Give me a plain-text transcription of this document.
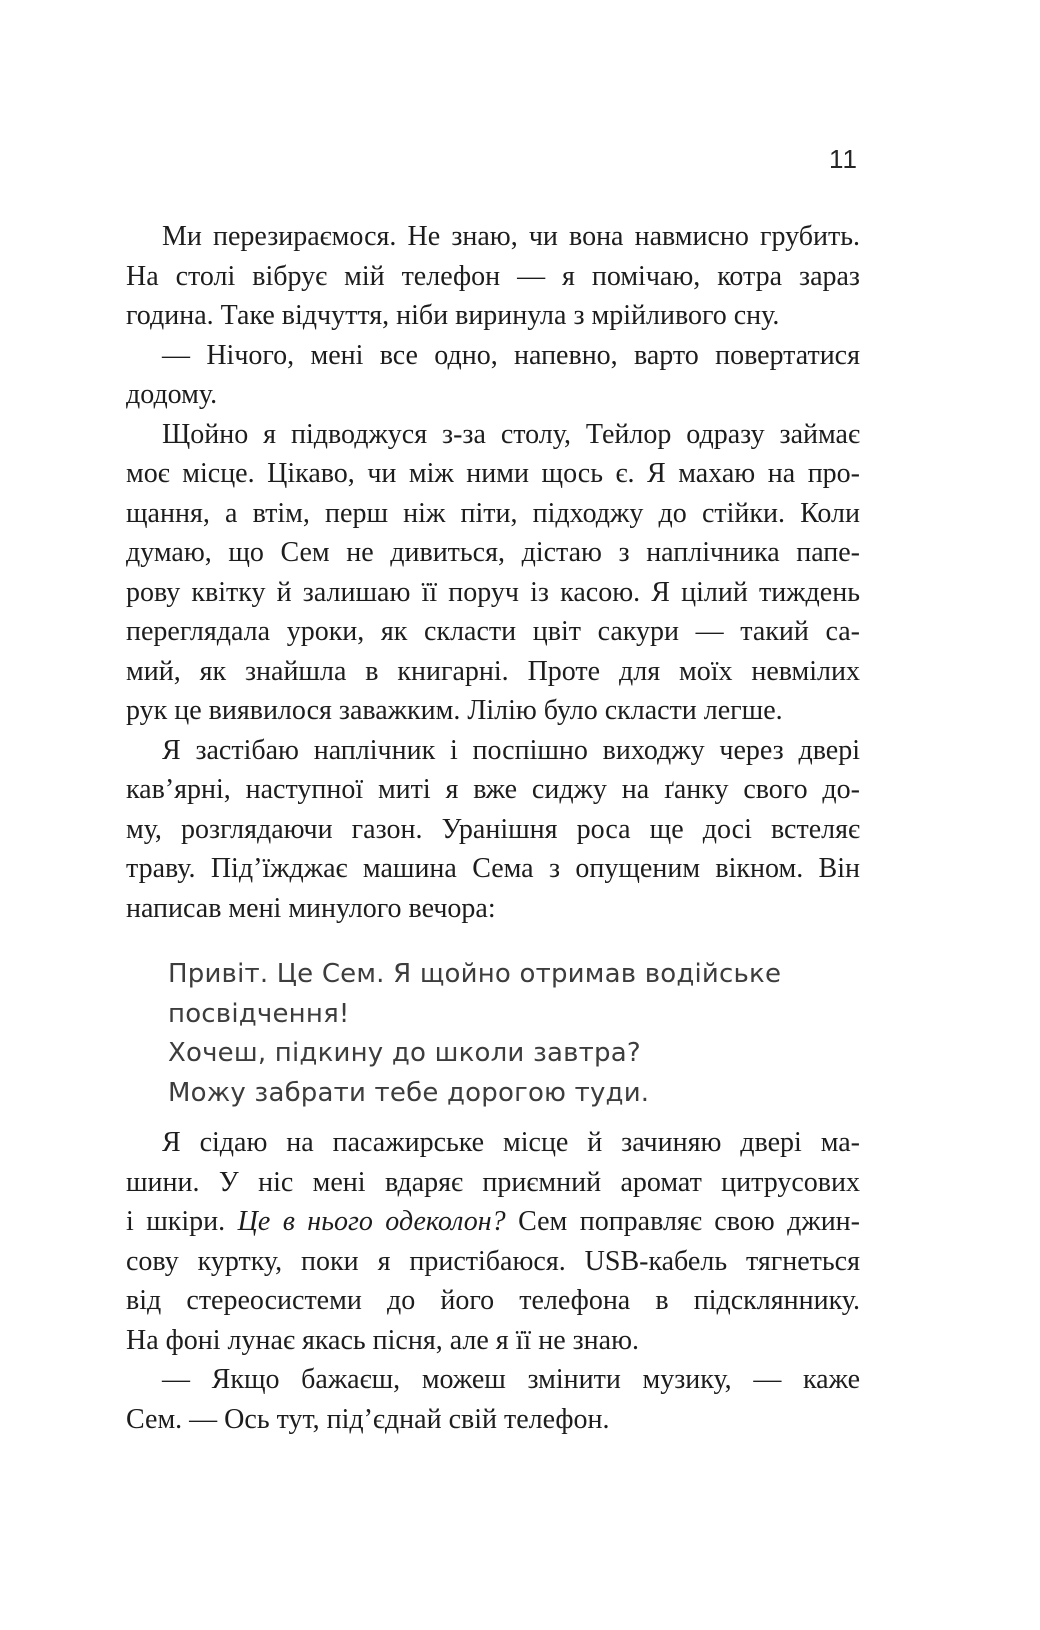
11
Ми перезираємося. Не знаю, чи вона навмисно грубить.
На столі вібрує мій телефон — я помічаю, котра зараз
година. Таке відчуття, ніби виринула з мрійливого сну.
— Нічого, мені все одно, напевно, варто повертатися
додому.
Щойно я підводжуся з-за столу, Тейлор одразу займає
моє місце. Цікаво, чи між ними щось є. Я махаю на про-
щання, а втім, перш ніж піти, підходжу до стійки. Коли
думаю, що Сем не дивиться, дістаю з наплічника папе-
рову квітку й залишаю її поруч із касою. Я цілий тиждень
переглядала уроки, як скласти цвіт сакури — такий са-
мий, як знайшла в книгарні. Проте для моїх невмілих
рук це виявилося заважким. Лілію було скласти легше.
Я застібаю наплічник і поспішно виходжу через двері
кав’ярні, наступної миті я вже сиджу на ґанку свого до-
му, розглядаючи газон. Уранішня роса ще досі встеляє
траву. Під’їжджає машина Сема з опущеним вікном. Він
написав мені минулого вечора:
Привіт. Це Сем. Я щойно отримав водійське
посвідчення!
Хочеш, підкину до школи завтра?
Можу забрати тебе дорогою туди.
Я сідаю на пасажирське місце й зачиняю двері ма-
шини. У ніс мені вдаряє приємний аромат цитрусових
і шкіри. Це в нього одеколон? Сем поправляє свою джин-
сову куртку, поки я пристібаюся. USB-кабель тягнеться
від стереосистеми до його телефона в підскляннику.
На фоні лунає якась пісня, але я її не знаю.
— Якщо бажаєш, можеш змінити музику, — каже
Сем. — Ось тут, під’єднай свій телефон.
